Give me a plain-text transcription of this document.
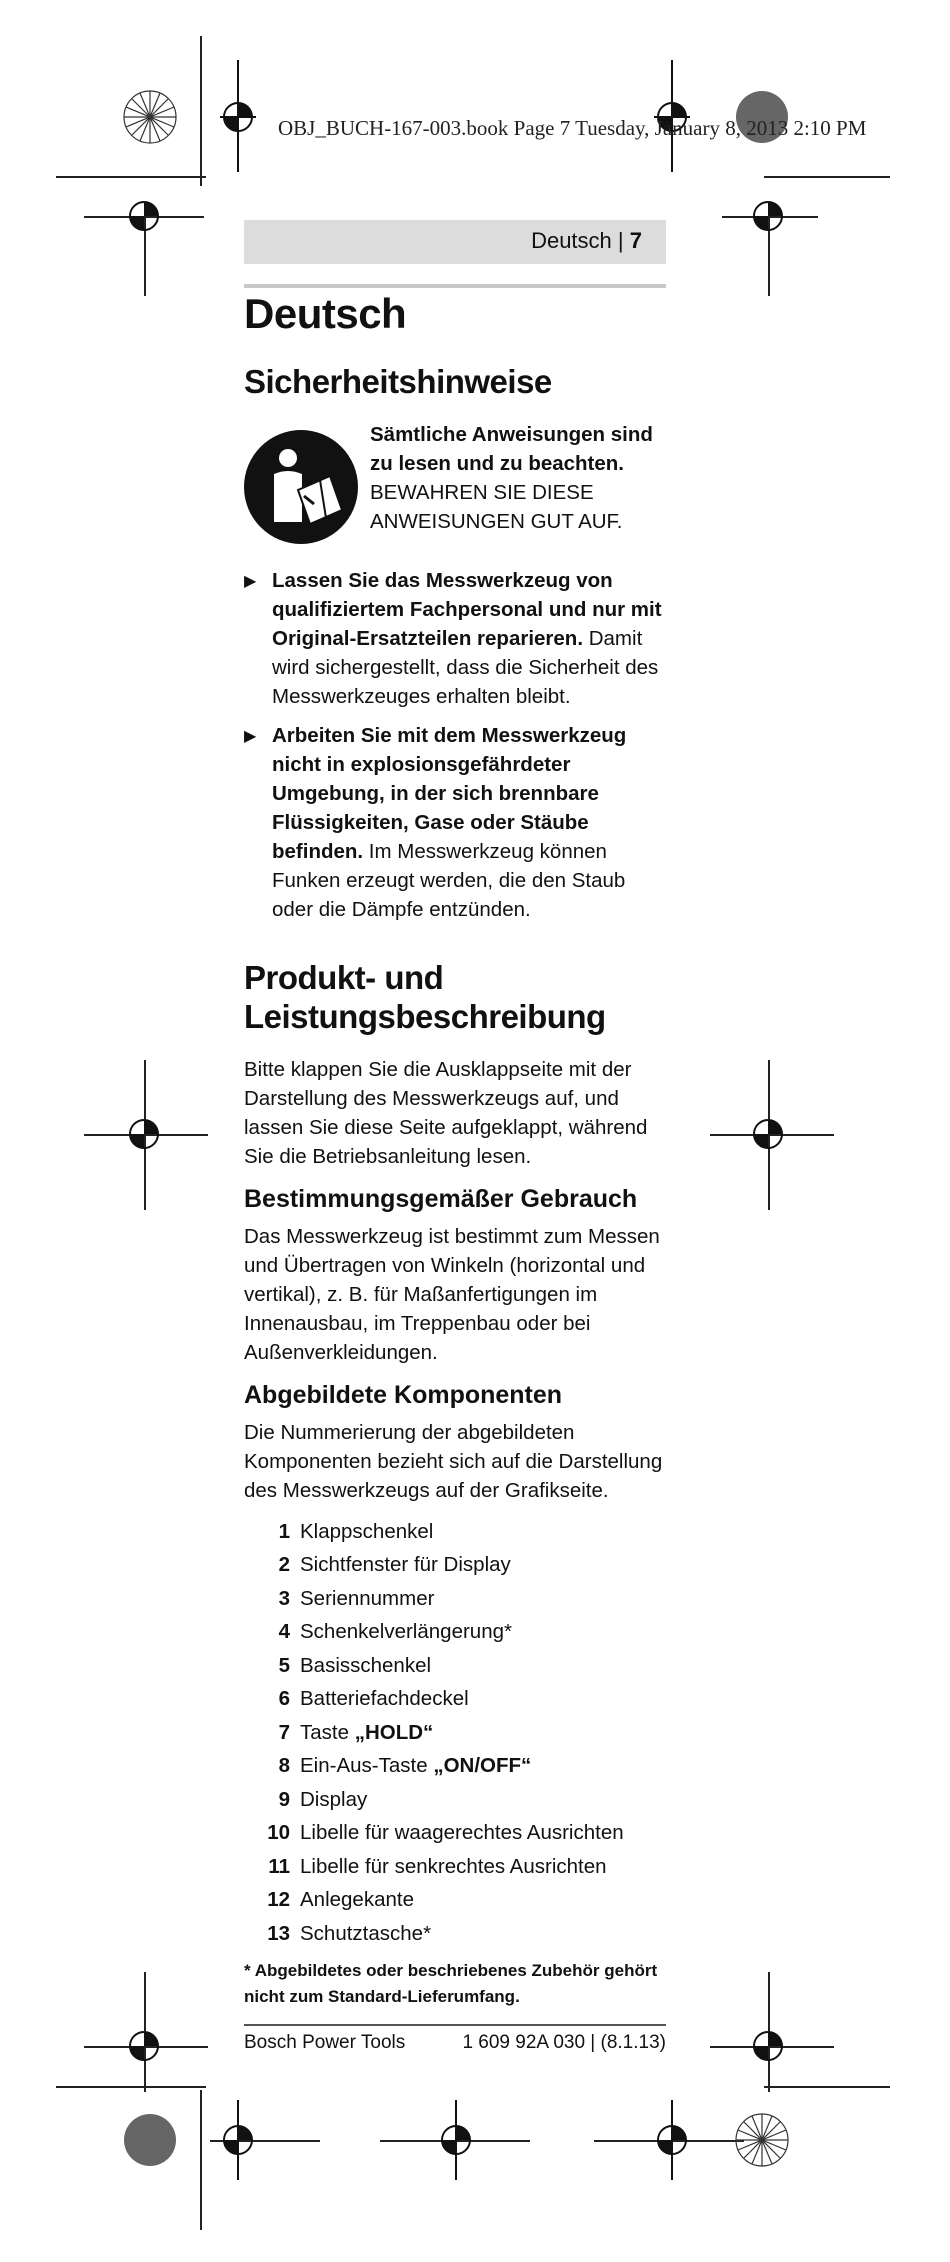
OBJ_BUCH-167-003.book Page 7 Tuesday, January 8, 2013 2:10 PM
Deutsch | 7
Deutsch
Sicherheitshinweise
Sämtliche Anweisungen sind zu lesen und zu beachten. BEWAHREN SIE DIESE ANWEISUNGEN GUT AUF.
▶ Lassen Sie das Messwerkzeug von qualifiziertem Fachpersonal und nur mit Original-Ersatzteilen reparieren. Damit wird sichergestellt, dass die Sicherheit des Messwerkzeuges erhalten bleibt.

▶ Arbeiten Sie mit dem Messwerkzeug nicht in explosionsgefährdeter Umgebung, in der sich brennbare Flüssigkeiten, Gase oder Stäube befinden. Im Messwerkzeug können Funken erzeugt werden, die den Staub oder die Dämpfe entzünden.

Produkt- und Leistungsbeschreibung

Bitte klappen Sie die Ausklappseite mit der Darstellung des Messwerkzeugs auf, und lassen Sie diese Seite aufgeklappt, während Sie die Betriebsanleitung lesen.

Bestimmungsgemäßer Gebrauch

Das Messwerkzeug ist bestimmt zum Messen und Übertragen von Winkeln (horizontal und vertikal), z. B. für Maßanfertigungen im Innenausbau, im Treppenbau oder bei Außenverkleidungen.

Abgebildete Komponenten

Die Nummerierung der abgebildeten Komponenten bezieht sich auf die Darstellung des Messwerkzeugs auf der Grafikseite.

1 Klappschenkel
2 Sichtfenster für Display
3 Seriennummer
4 Schenkelverlängerung*
5 Basisschenkel
6 Batteriefachdeckel
7 Taste „HOLD“
8 Ein-Aus-Taste „ON/OFF“
9 Display
10 Libelle für waagerechtes Ausrichten
11 Libelle für senkrechtes Ausrichten
12 Anlegekante
13 Schutztasche*
* Abgebildetes oder beschriebenes Zubehör gehört nicht zum Standard-Lieferumfang.
Bosch Power Tools	1 609 92A 030 | (8.1.13)
